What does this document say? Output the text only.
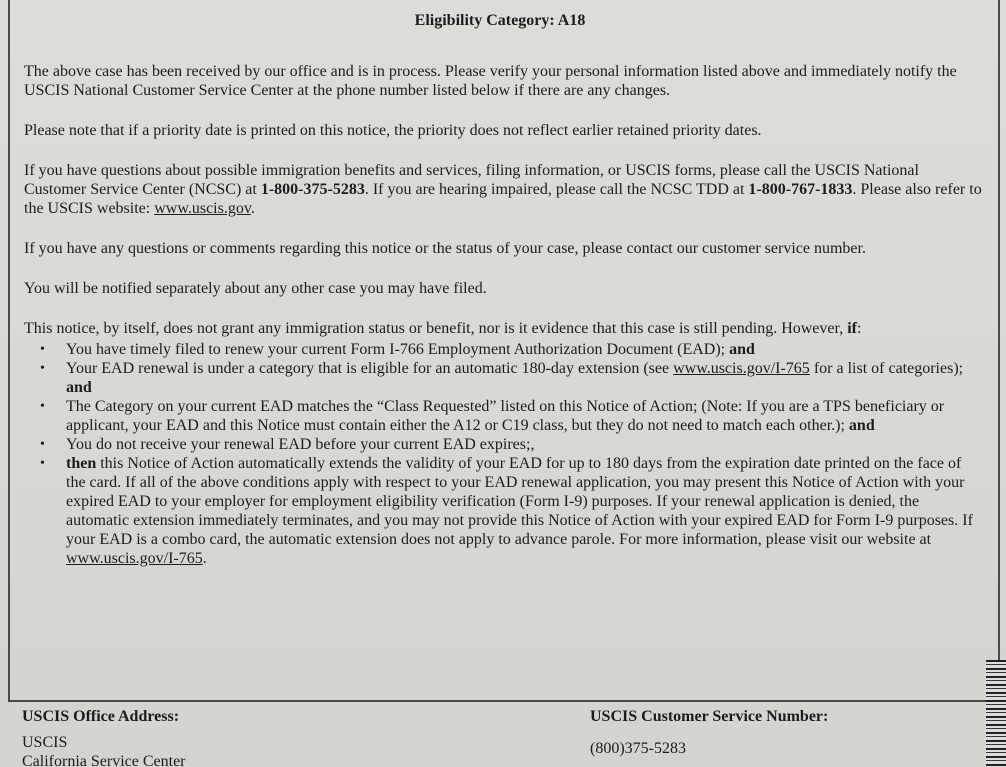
Eligibility Category: A18

The above case has been received by our office and is in process. Please verify your personal information listed above and immediately notify the USCIS National Customer Service Center at the phone number listed below if there are any changes.

Please note that if a priority date is printed on this notice, the priority does not reflect earlier retained priority dates.

If you have questions about possible immigration benefits and services, filing information, or USCIS forms, please call the USCIS National Customer Service Center (NCSC) at 1-800-375-5283. If you are hearing impaired, please call the NCSC TDD at 1-800-767-1833. Please also refer to the USCIS website: www.uscis.gov.

If you have any questions or comments regarding this notice or the status of your case, please contact our customer service number.

You will be notified separately about any other case you may have filed.

This notice, by itself, does not grant any immigration status or benefit, nor is it evidence that this case is still pending. However, if:

• You have timely filed to renew your current Form I-766 Employment Authorization Document (EAD); and
• Your EAD renewal is under a category that is eligible for an automatic 180-day extension (see www.uscis.gov/I-765 for a list of categories); and
• The Category on your current EAD matches the “Class Requested” listed on this Notice of Action; (Note: If you are a TPS beneficiary or applicant, your EAD and this Notice must contain either the A12 or C19 class, but they do not need to match each other.); and
• You do not receive your renewal EAD before your current EAD expires;,
• then this Notice of Action automatically extends the validity of your EAD for up to 180 days from the expiration date printed on the face of the card. If all of the above conditions apply with respect to your EAD renewal application, you may present this Notice of Action with your expired EAD to your employer for employment eligibility verification (Form I-9) purposes. If your renewal application is denied, the automatic extension immediately terminates, and you may not provide this Notice of Action with your expired EAD for Form I-9 purposes. If your EAD is a combo card, the automatic extension does not apply to advance parole. For more information, please visit our website at www.uscis.gov/I-765.
USCIS Office Address:
USCIS
California Service Center
USCIS Customer Service Number:
(800)375-5283
